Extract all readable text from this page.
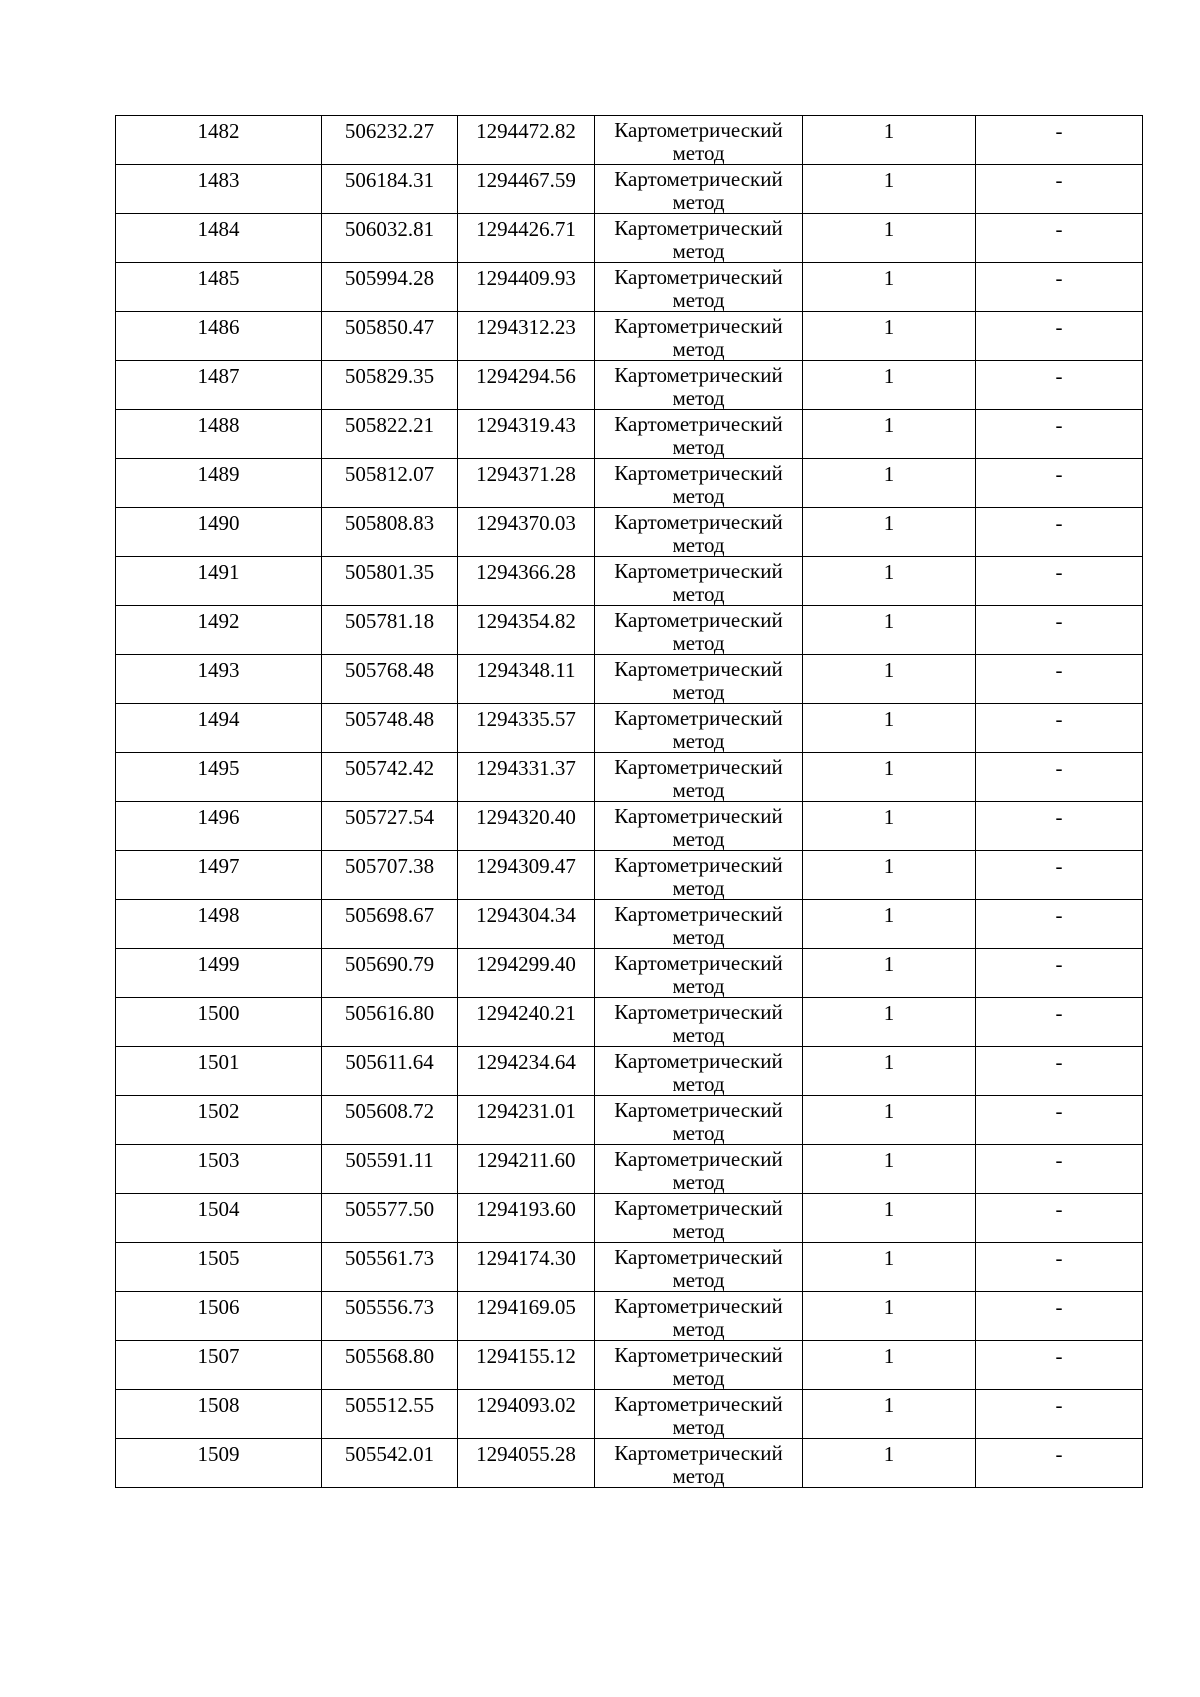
1482	506232.27	1294472.82	Картометрический метод	1	-

1483	506184.31	1294467.59	Картометрический метод	1	-

1484	506032.81	1294426.71	Картометрический метод	1	-

1485	505994.28	1294409.93	Картометрический метод	1	-

1486	505850.47	1294312.23	Картометрический метод	1	-

1487	505829.35	1294294.56	Картометрический метод	1	-

1488	505822.21	1294319.43	Картометрический метод	1	-

1489	505812.07	1294371.28	Картометрический метод	1	-

1490	505808.83	1294370.03	Картометрический метод	1	-

1491	505801.35	1294366.28	Картометрический метод	1	-

1492	505781.18	1294354.82	Картометрический метод	1	-

1493	505768.48	1294348.11	Картометрический метод	1	-

1494	505748.48	1294335.57	Картометрический метод	1	-

1495	505742.42	1294331.37	Картометрический метод	1	-

1496	505727.54	1294320.40	Картометрический метод	1	-

1497	505707.38	1294309.47	Картометрический метод	1	-

1498	505698.67	1294304.34	Картометрический метод	1	-

1499	505690.79	1294299.40	Картометрический метод	1	-

1500	505616.80	1294240.21	Картометрический метод	1	-

1501	505611.64	1294234.64	Картометрический метод	1	-

1502	505608.72	1294231.01	Картометрический метод	1	-

1503	505591.11	1294211.60	Картометрический метод	1	-

1504	505577.50	1294193.60	Картометрический метод	1	-

1505	505561.73	1294174.30	Картометрический метод	1	-

1506	505556.73	1294169.05	Картометрический метод	1	-

1507	505568.80	1294155.12	Картометрический метод	1	-

1508	505512.55	1294093.02	Картометрический метод	1	-

1509	505542.01	1294055.28	Картометрический метод	1	-
